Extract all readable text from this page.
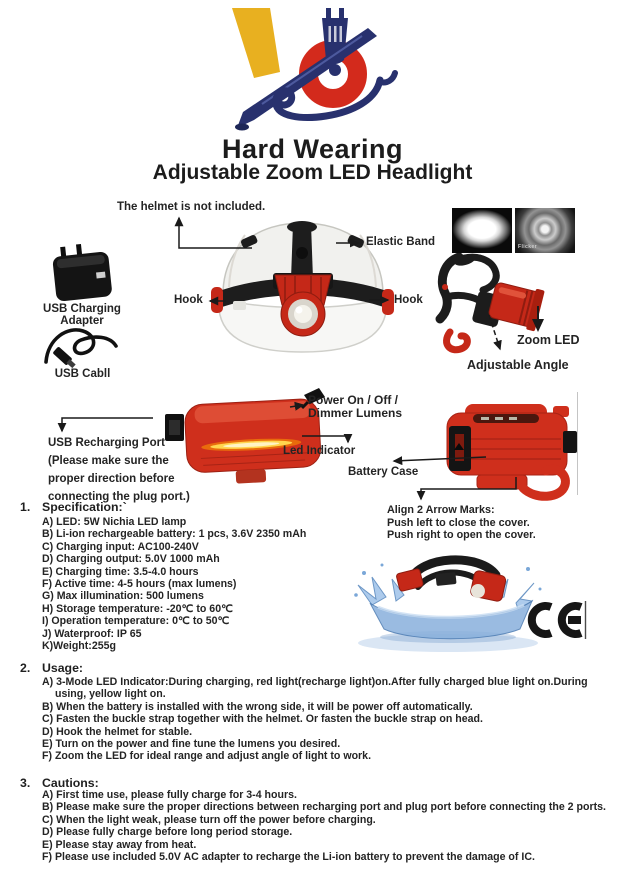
Hard Wearing
Adjustable Zoom LED Headlight
USB Charging Adapter
USB Cabll
Flicker
The helmet is not included.
Elastic Band
Hook	Hook
Zoom LED
Adjustable Angle
Power On / Off /
Dimmer Lumens
USB Recharging Port
(Please make sure the
proper direction before
connecting the plug port.)
Led Indicator
Battery Case
Align 2 Arrow Marks:
Push left to close the cover.
Push right to open the cover.
1. Specification:`
A) LED: 5W Nichia LED lamp
B) Li-ion rechargeable battery: 1 pcs, 3.6V 2350 mAh
C) Charging input: AC100-240V
D) Charging output: 5.0V 1000 mAh
E) Charging time: 3.5-4.0 hours
F) Active time: 4-5 hours (max lumens)
G) Max illumination: 500 lumens
H) Storage temperature: -20℃ to 60℃
I) Operation temperature: 0℃ to 50℃
J) Waterproof: IP 65
K)Weight:255g
2. Usage:
A) 3-Mode LED Indicator:During charging, red light(recharge light)on.After fully charged blue light on.During using, yellow light on.
B) When the battery is installed with the wrong side, it will be power off automatically.
C) Fasten the buckle strap together with the helmet. Or fasten the buckle strap on head.
D) Hook the helmet for stable.
E) Turn on the power and fine tune the lumens you desired.
F) Zoom the LED for ideal range and adjust angle of light to work.
3. Cautions:
A) First time use, please fully charge for 3-4 hours.
B) Please make sure the proper directions between recharging port and plug port before connecting the 2 ports.
C) When the light weak, please turn off the power before charging.
D) Please fully charge before long period storage.
E) Please stay away from heat.
F) Please use included 5.0V AC adapter to recharge the Li-ion battery to prevent the damage of IC.
